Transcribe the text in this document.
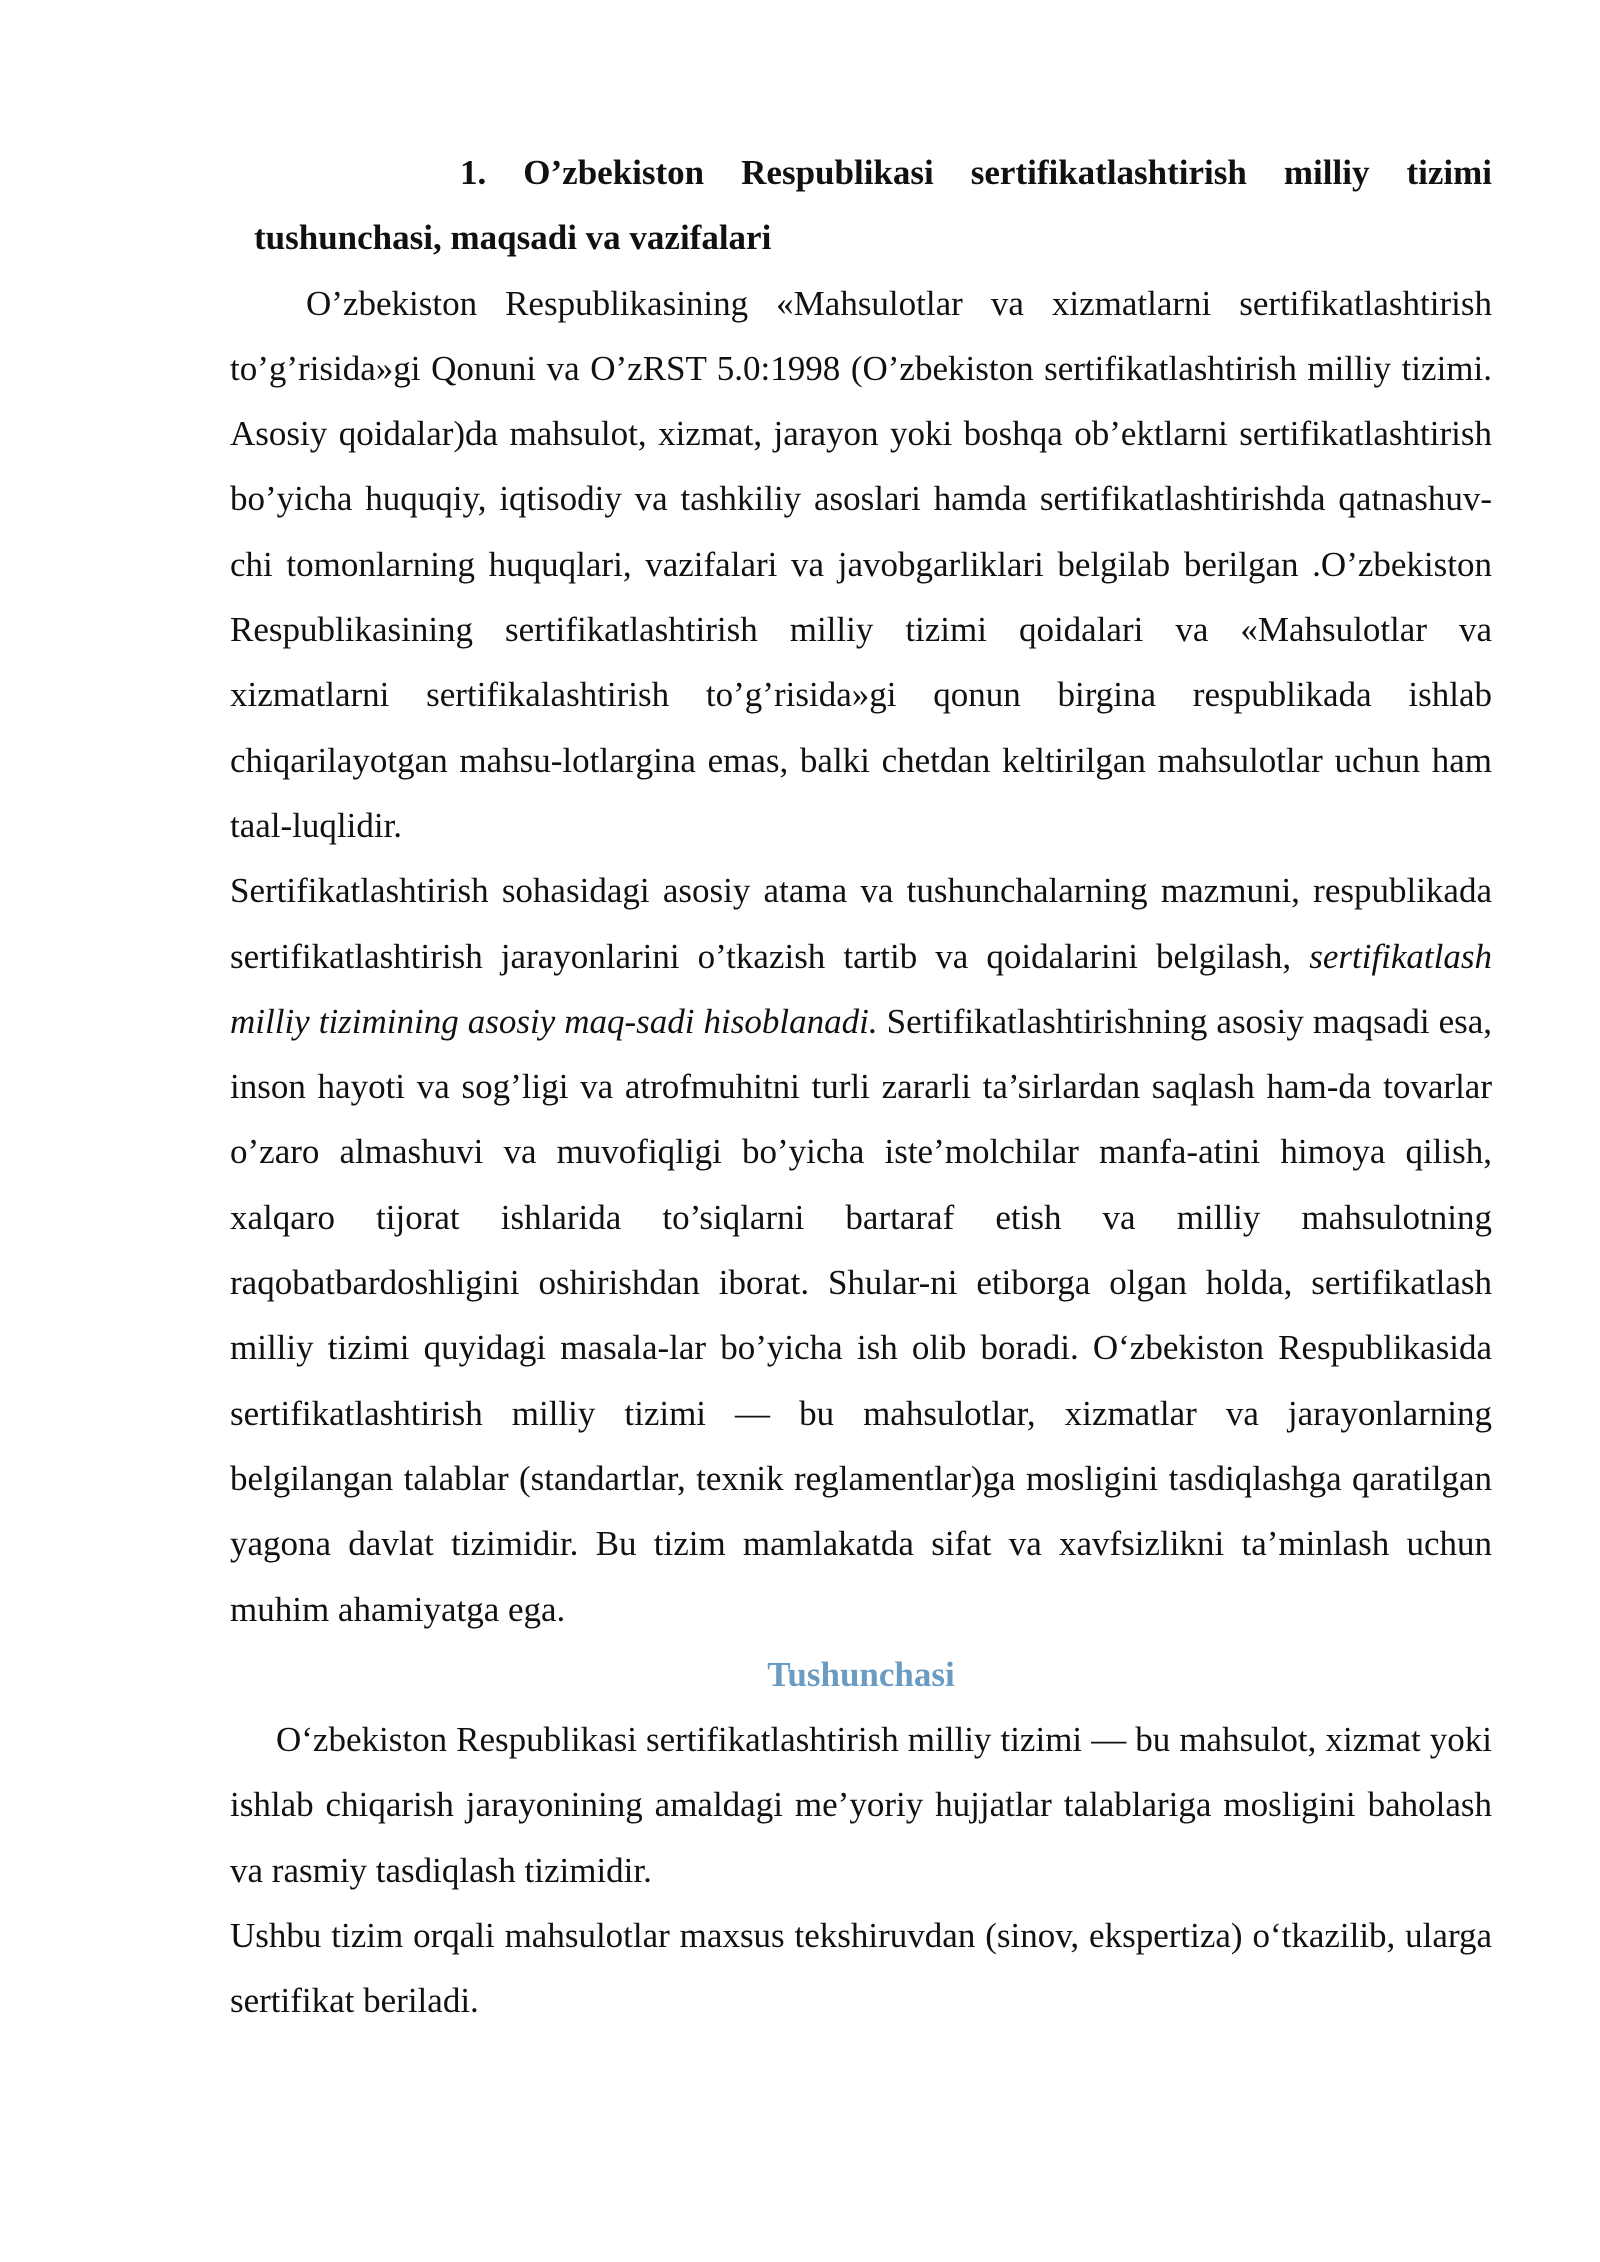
1. O’zbekiston Respublikasi sertifikatlashtirish milliy tizimi

tushunchasi, maqsadi va vazifalari

O’zbekiston Respublikasining «Mahsulotlar va xizmatlarni sertifikatlashtirish to’g’risida»gi Qonuni va O’zRST 5.0:1998 (O’zbekiston sertifikatlashtirish milliy tizimi. Asosiy qoidalar)da mahsulot, xizmat, jarayon yoki boshqa ob’ektlarni sertifikatlashtirish bo’yicha huquqiy, iqtisodiy va tashkiliy asoslari hamda sertifikatlashtirishda qatnashuv-chi tomonlarning huquqlari, vazifalari va javobgarliklari belgilab berilgan .O’zbekiston Respublikasining sertifikatlashtirish milliy tizimi qoidalari va «Mahsulotlar va xizmatlarni sertifikalashtirish to’g’risida»gi qonun birgina respublikada ishlab chiqarilayotgan mahsu-lotlargina emas, balki chetdan keltirilgan mahsulotlar uchun ham taal-luqlidir.

Sertifikatlashtirish sohasidagi asosiy atama va tushunchalarning mazmuni, respublikada sertifikatlashtirish jarayonlarini o’tkazish tartib va qoidalarini belgilash, sertifikatlash milliy tizimining asosiy maq-sadi hisoblanadi. Sertifikatlashtirishning asosiy maqsadi esa, inson hayoti va sog’ligi va atrofmuhitni turli zararli ta’sirlardan saqlash ham-da tovarlar o’zaro almashuvi va muvofiqligi bo’yicha iste’molchilar manfa-atini himoya qilish, xalqaro tijorat ishlarida to’siqlarni bartaraf etish va milliy mahsulotning raqobatbardoshligini oshirishdan iborat. Shular-ni etiborga olgan holda, sertifikatlash milliy tizimi quyidagi masala-lar bo’yicha ish olib boradi. O‘zbekiston Respublikasida sertifikatlashtirish milliy tizimi — bu mahsulotlar, xizmatlar va jarayonlarning belgilangan talablar (standartlar, texnik reglamentlar)ga mosligini tasdiqlashga qaratilgan yagona davlat tizimidir. Bu tizim mamlakatda sifat va xavfsizlikni ta’minlash uchun muhim ahamiyatga ega.

Tushunchasi

O‘zbekiston Respublikasi sertifikatlashtirish milliy tizimi — bu mahsulot, xizmat yoki ishlab chiqarish jarayonining amaldagi me’yoriy hujjatlar talablariga mosligini baholash va rasmiy tasdiqlash tizimidir.

Ushbu tizim orqali mahsulotlar maxsus tekshiruvdan (sinov, ekspertiza) o‘tkazilib, ularga sertifikat beriladi.
